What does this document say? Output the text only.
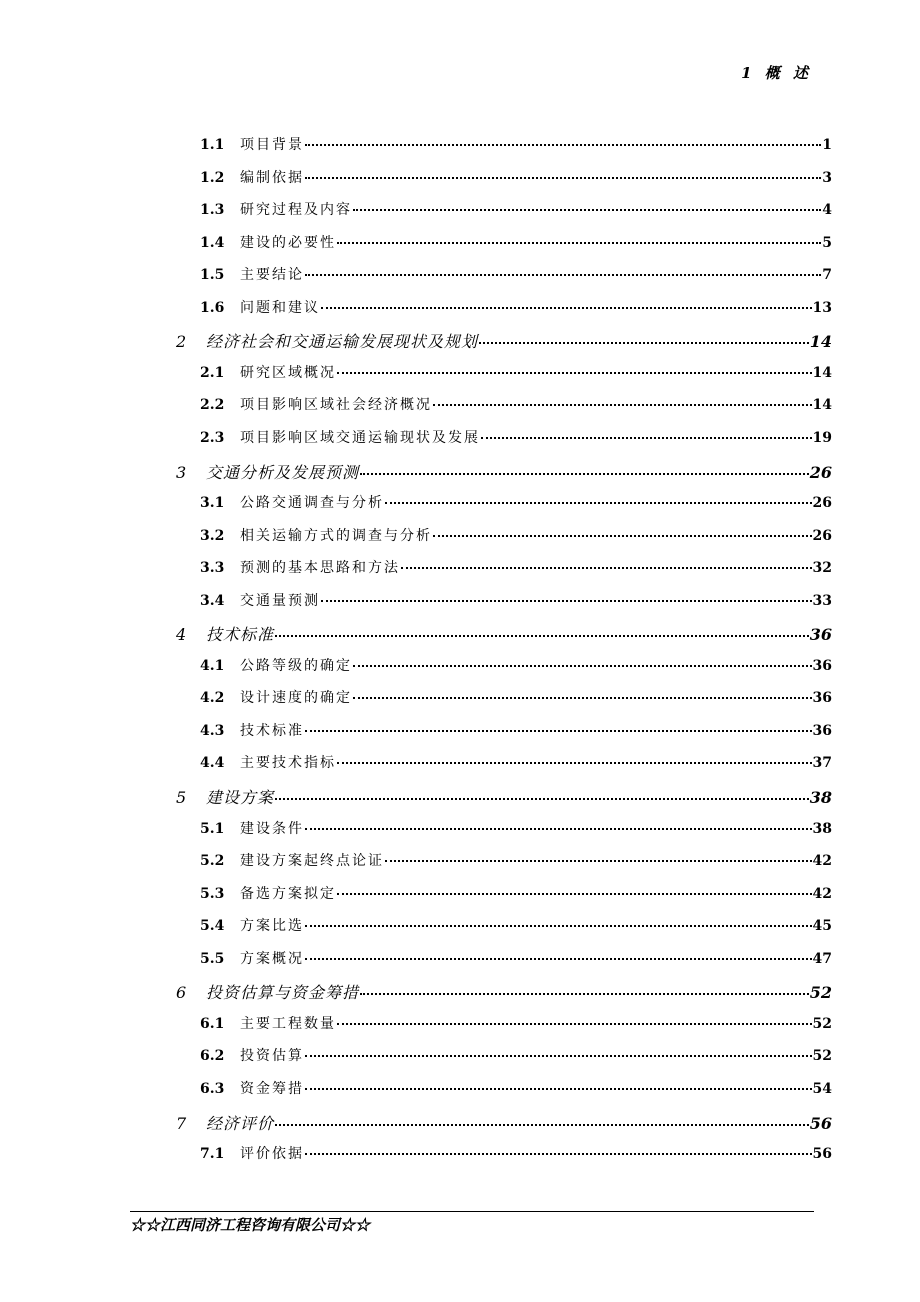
1 概 述
1.1	项目背景	1
1.2	编制依据	3
1.3	研究过程及内容	4
1.4	建设的必要性	5
1.5	主要结论	7
1.6	问题和建议	13
2	经济社会和交通运输发展现状及规划	14
2.1	研究区域概况	14
2.2	项目影响区域社会经济概况	14
2.3	项目影响区域交通运输现状及发展	19
3	交通分析及发展预测	26
3.1	公路交通调查与分析	26
3.2	相关运输方式的调查与分析	26
3.3	预测的基本思路和方法	32
3.4	交通量预测	33
4	技术标准	36
4.1	公路等级的确定	36
4.2	设计速度的确定	36
4.3	技术标准	36
4.4	主要技术指标	37
5	建设方案	38
5.1	建设条件	38
5.2	建设方案起终点论证	42
5.3	备选方案拟定	42
5.4	方案比选	45
5.5	方案概况	47
6	投资估算与资金筹措	52
6.1	主要工程数量	52
6.2	投资估算	52
6.3	资金筹措	54
7	经济评价	56
7.1	评价依据	56
☆☆江西同济工程咨询有限公司☆☆
